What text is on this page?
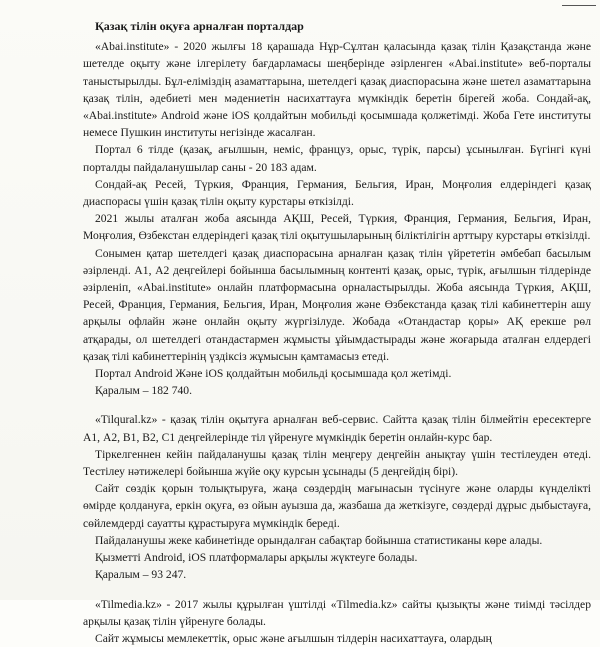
Қазақ тілін оқуға арналған порталдар

«Abai.institute» - 2020 жылғы 18 қарашада Нұр-Сұлтан қаласында қазақ тілін Қазақстанда және шетелде оқыту және ілгерілету бағдарламасы шеңберінде әзірленген «Abai.institute» веб-порталы таныстырылды. Бұл-еліміздің азаматтарына, шетелдегі қазақ диаспорасына және шетел азаматтарына қазақ тілін, әдебиеті мен мәдениетін насихаттауға мүмкіндік беретін бірегей жоба. Сондай-ақ, «Abai.institute» Android және iOS қолдайтын мобильді қосымшада қолжетімді. Жоба Гете институты немесе Пушкин институты негізінде жасалған.

Портал 6 тілде (қазақ, ағылшын, неміс, француз, орыс, түрік, парсы) ұсынылған. Бүгінгі күні порталды пайдаланушылар саны - 20 183 адам.

Сондай-ақ Ресей, Түркия, Франция, Германия, Бельгия, Иран, Моңғолия елдеріндегі қазақ диаспорасы үшін қазақ тілін оқыту курстары өткізілді.

2021 жылы аталған жоба аясында АҚШ, Ресей, Түркия, Франция, Германия, Бельгия, Иран, Моңғолия, Өзбекстан елдеріндегі қазақ тілі оқытушыларының біліктілігін арттыру курстары өткізілді.

Сонымен қатар шетелдегі қазақ диаспорасына арналған қазақ тілін үйрететін әмбебап басылым әзірленді. А1, А2 деңгейлері бойынша басылымның контенті қазақ, орыс, түрік, ағылшын тілдерінде әзірленіп, «Abai.institute» онлайн платформасына орналастырылды. Жоба аясында Түркия, АҚШ, Ресей, Франция, Германия, Бельгия, Иран, Моңғолия және Өзбекстанда қазақ тілі кабинеттерін ашу арқылы офлайн және онлайн оқыту жүргізілуде. Жобада «Отандастар қоры» АҚ ерекше рөл атқарады, ол шетелдегі отандастармен жұмысты ұйымдастырады және жоғарыда аталған елдердегі қазақ тілі кабинеттерінің үздіксіз жұмысын қамтамасыз етеді.

Портал Android Және iOS қолдайтын мобильді қосымшада қол жетімді.

Қаралым – 182 740.

«Tilqural.kz» - қазақ тілін оқытуға арналған веб-сервис. Сайтта қазақ тілін білмейтін ересектерге А1, А2, В1, В2, С1 деңгейлерінде тіл үйренуге мүмкіндік беретін онлайн-курс бар.

Тіркелгеннен кейін пайдаланушы қазақ тілін меңгеру деңгейін анықтау үшін тестілеуден өтеді. Тестілеу нәтижелері бойынша жүйе оқу курсын ұсынады (5 деңгейдің бірі).

Сайт сөздік қорын толықтыруға, жаңа сөздердің мағынасын түсінуге және оларды күнделікті өмірде қолдануға, еркін оқуға, өз ойын ауызша да, жазбаша да жеткізуге, сөздерді дұрыс дыбыстауға, сөйлемдерді сауатты құрастыруға мүмкіндік береді.

Пайдаланушы жеке кабинетінде орындалған сабақтар бойынша статистиканы көре алады.

Қызметті Android, iOS платформалары арқылы жүктеуге болады.

Қаралым – 93 247.

«Tilmedia.kz» - 2017 жылы құрылған үштілді «Tilmedia.kz» сайты қызықты және тиімді тәсілдер арқылы қазақ тілін үйренуге болады.

Сайт жұмысы мемлекеттік, орыс және ағылшын тілдерін насихаттауға, олардың
